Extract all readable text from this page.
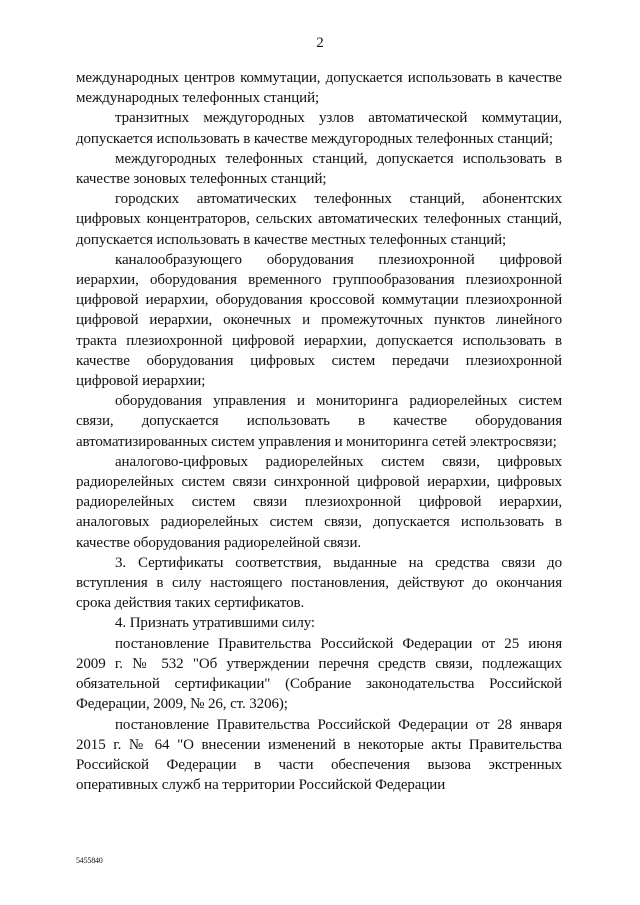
2

международных центров коммутации, допускается использовать в качестве международных телефонных станций;

транзитных междугородных узлов автоматической коммутации, допускается использовать в качестве междугородных телефонных станций;

междугородных телефонных станций, допускается использовать в качестве зоновых телефонных станций;

городских автоматических телефонных станций, абонентских цифровых концентраторов, сельских автоматических телефонных станций, допускается использовать в качестве местных телефонных станций;

каналообразующего оборудования плезиохронной цифровой иерархии, оборудования временного группообразования плезиохронной цифровой иерархии, оборудования кроссовой коммутации плезиохронной цифровой иерархии, оконечных и промежуточных пунктов линейного тракта плезиохронной цифровой иерархии, допускается использовать в качестве оборудования цифровых систем передачи плезиохронной цифровой иерархии;

оборудования управления и мониторинга радиорелейных систем связи, допускается использовать в качестве оборудования автоматизированных систем управления и мониторинга сетей электросвязи;

аналогово-цифровых радиорелейных систем связи, цифровых радиорелейных систем связи синхронной цифровой иерархии, цифровых радиорелейных систем связи плезиохронной цифровой иерархии, аналоговых радиорелейных систем связи, допускается использовать в качестве оборудования радиорелейной связи.

3. Сертификаты соответствия, выданные на средства связи до вступления в силу настоящего постановления, действуют до окончания срока действия таких сертификатов.

4. Признать утратившими силу:

постановление Правительства Российской Федерации от 25 июня 2009 г. № 532 "Об утверждении перечня средств связи, подлежащих обязательной сертификации" (Собрание законодательства Российской Федерации, 2009, № 26, ст. 3206);

постановление Правительства Российской Федерации от 28 января 2015 г. № 64 "О внесении изменений в некоторые акты Правительства Российской Федерации в части обеспечения вызова экстренных оперативных служб на территории Российской Федерации

5455840
